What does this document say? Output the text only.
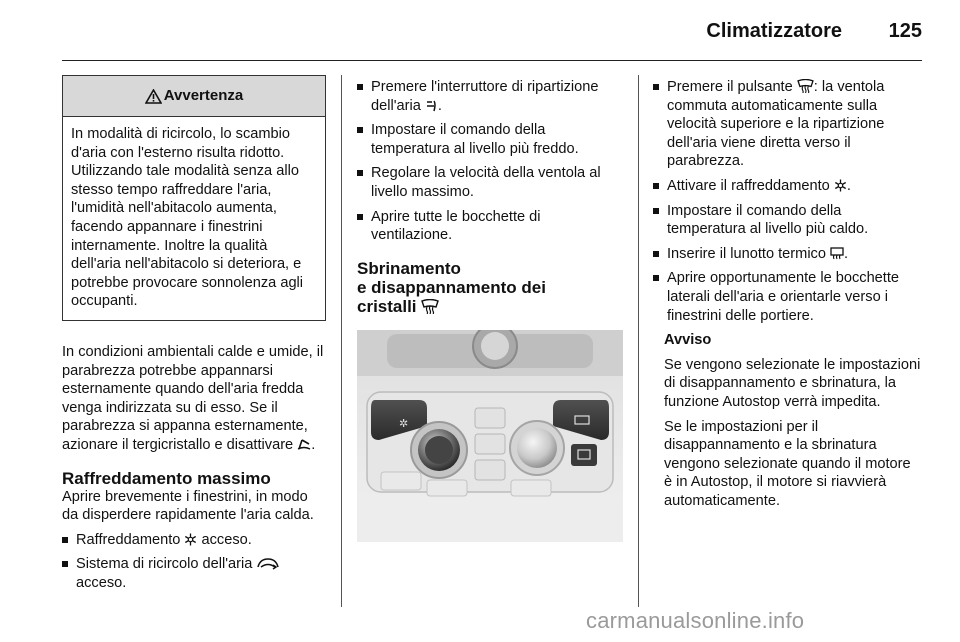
Climatizzatore 125
Avvertenza

In modalità di ricircolo, lo scambio d'aria con l'esterno risulta ridotto. Utilizzando tale modalità senza allo stesso tempo raffreddare l'aria, l'umidità nell'abitacolo aumenta, facendo appannare i finestrini internamente. Inoltre la qualità dell'aria nell'abitacolo si deteriora, e potrebbe provocare sonnolenza agli occupanti.

In condizioni ambientali calde e umide, il parabrezza potrebbe appannarsi esternamente quando dell'aria fredda venga indirizzata su di esso. Se il parabrezza si appanna esternamente, azionare il tergicristallo e disattivare .

Raffreddamento massimo

Aprire brevemente i finestrini, in modo da disperdere rapidamente l'aria calda.

Raffreddamento acceso.
Sistema di ricircolo dell'aria  acceso.
Premere l'interruttore di ripartizione dell'aria .
Impostare il comando della temperatura al livello più freddo.
Regolare la velocità della ventola al livello massimo.
Aprire tutte le bocchette di ventilazione.
Sbrinamento
e disappannamento dei
cristalli
✲
Premere il pulsante : la ventola commuta automaticamente sulla velocità superiore e la ripartizione dell'aria viene diretta verso il parabrezza.
Attivare il raffreddamento .
Impostare il comando della temperatura al livello più caldo.
Inserire il lunotto termico .
Aprire opportunamente le bocchette laterali dell'aria e orientarle verso i finestrini delle portiere.

Avviso

Se vengono selezionate le impostazioni di disappannamento e sbrinatura, la funzione Autostop verrà impedita.

Se le impostazioni per il disappannamento e la sbrinatura vengono selezionate quando il motore è in Autostop, il motore si riavvierà automaticamente.

carmanualsonline.info
